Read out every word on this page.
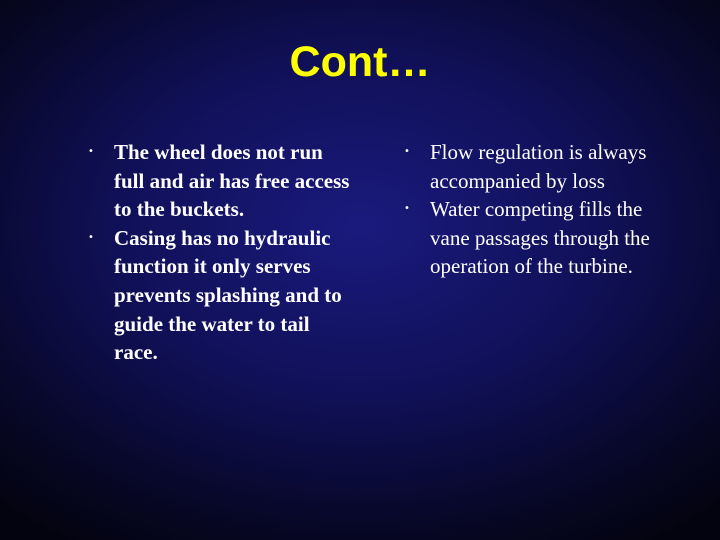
Cont…
• The wheel does not run full and air has free access to the buckets.
• Casing has no hydraulic function it only serves prevents splashing and to guide the water to tail race.
• Flow regulation is always accompanied by loss
• Water competing fills the vane passages through the operation of the turbine.
